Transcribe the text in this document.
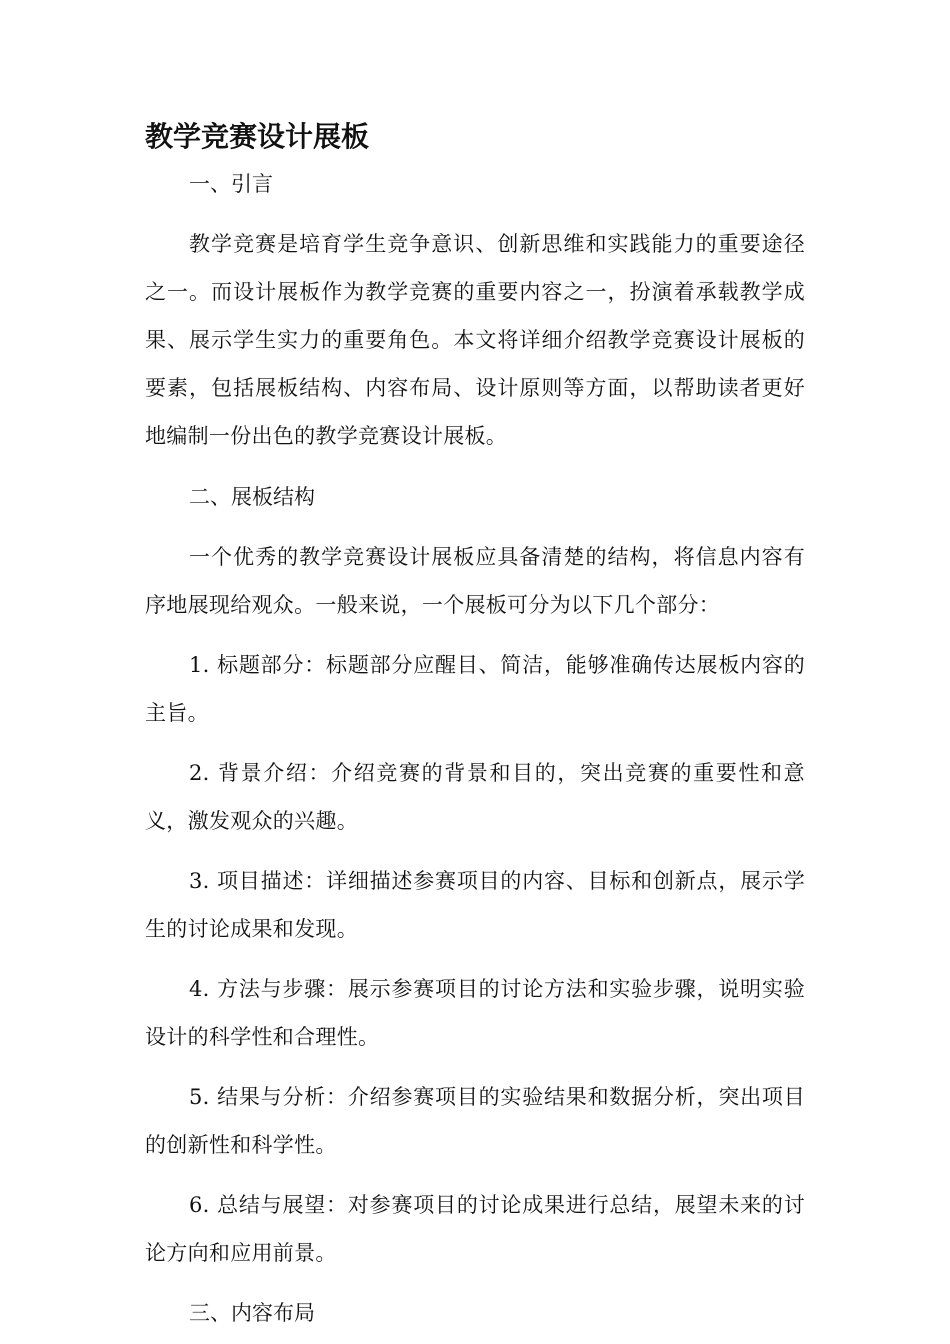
教学竞赛设计展板

一、引言

教学竞赛是培育学生竞争意识、创新思维和实践能力的重要途径之一。而设计展板作为教学竞赛的重要内容之一，扮演着承载教学成果、展示学生实力的重要角色。本文将详细介绍教学竞赛设计展板的要素，包括展板结构、内容布局、设计原则等方面，以帮助读者更好地编制一份出色的教学竞赛设计展板。

二、展板结构

一个优秀的教学竞赛设计展板应具备清楚的结构，将信息内容有序地展现给观众。一般来说，一个展板可分为以下几个部分：

1. 标题部分：标题部分应醒目、简洁，能够准确传达展板内容的主旨。

2. 背景介绍：介绍竞赛的背景和目的，突出竞赛的重要性和意义，激发观众的兴趣。

3. 项目描述：详细描述参赛项目的内容、目标和创新点，展示学生的讨论成果和发现。

4. 方法与步骤：展示参赛项目的讨论方法和实验步骤，说明实验设计的科学性和合理性。

5. 结果与分析：介绍参赛项目的实验结果和数据分析，突出项目的创新性和科学性。

6. 总结与展望：对参赛项目的讨论成果进行总结，展望未来的讨论方向和应用前景。

三、内容布局
